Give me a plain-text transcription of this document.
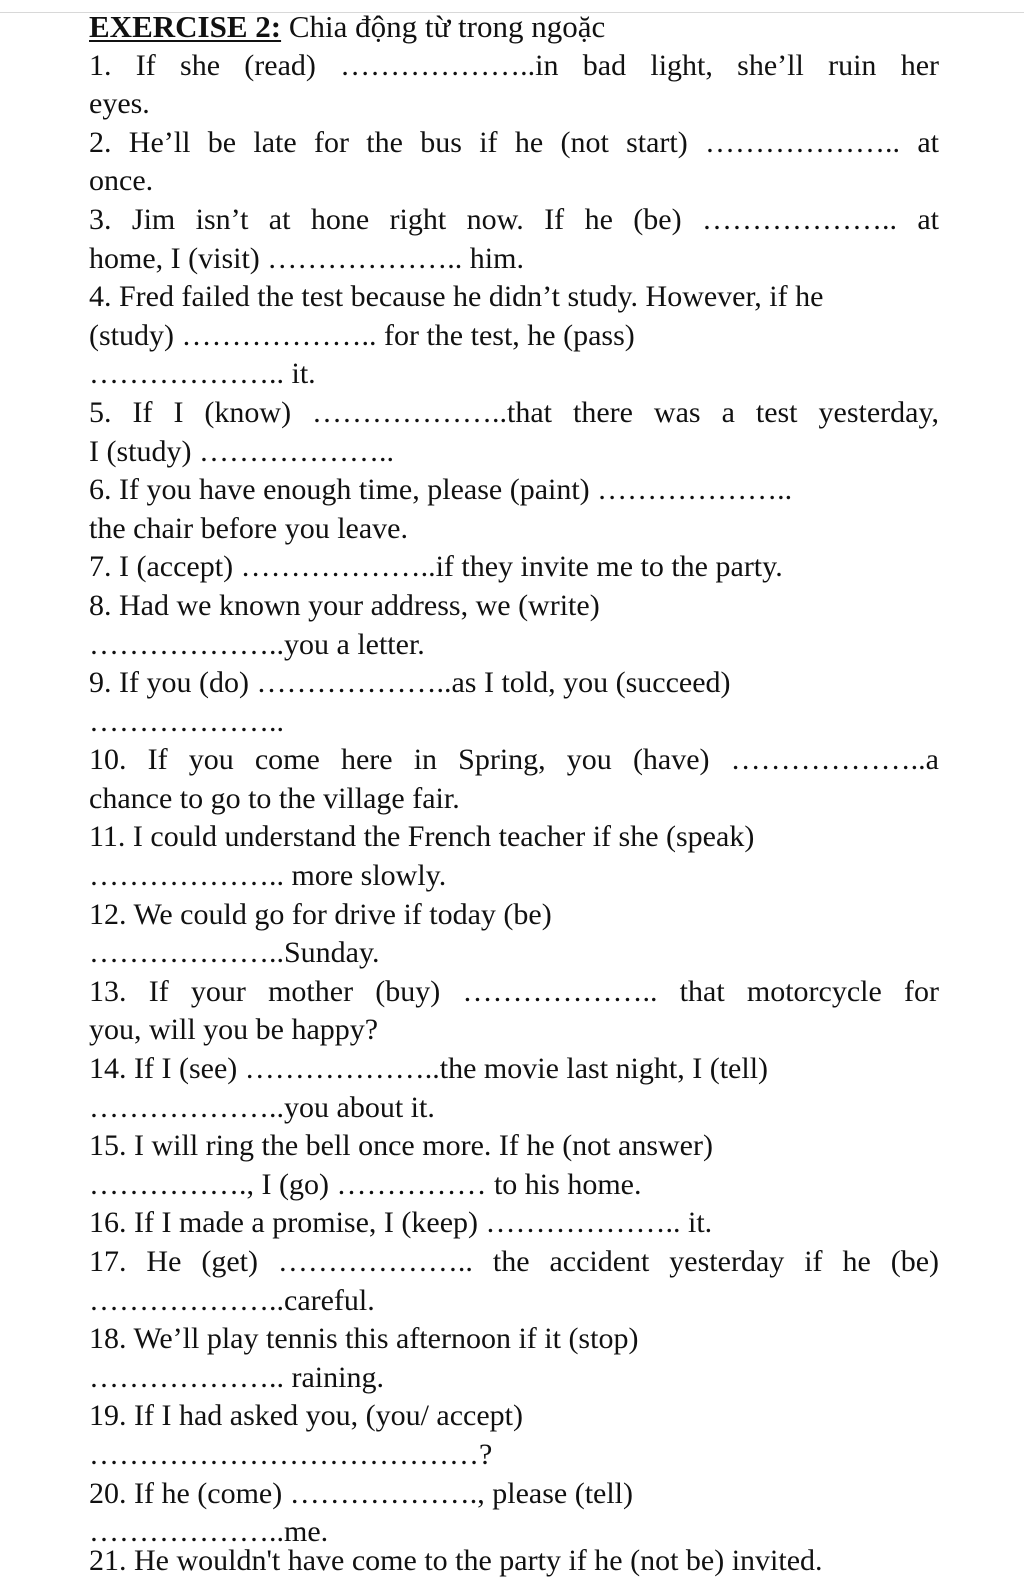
EXERCISE 2: Chia động từ trong ngoặc
1. If she (read) ………………..in bad light, she’ll ruin her
eyes.
2. He’ll be late for the bus if he (not start) ……………….. at
once.
3. Jim isn’t at hone right now. If he (be) ……………….. at
home, I (visit) ……………….. him.
4. Fred failed the test because he didn’t study. However, if he
(study) ……………….. for the test, he (pass)
……………….. it.
5. If I (know) ………………..that there was a test yesterday,
I (study) ………………..
6. If you have enough time, please (paint) ………………..
the chair before you leave.
7. I (accept) ………………..if they invite me to the party.
8. Had we known your address, we (write)
………………..you a letter.
9. If you (do) ………………..as I told, you (succeed)
………………..
10. If you come here in Spring, you (have) ………………..a
chance to go to the village fair.
11. I could understand the French teacher if she (speak)
……………….. more slowly.
12. We could go for drive if today (be)
………………..Sunday.
13. If your mother (buy) ……………….. that motorcycle for
you, will you be happy?
14. If I (see) ………………..the movie last night, I (tell)
………………..you about it.
15. I will ring the bell once more. If he (not answer)
……………., I (go) …………… to his home.
16. If I made a promise, I (keep) ……………….. it.
17. He (get) ……………….. the accident yesterday if he (be)
………………..careful.
18. We’ll play tennis this afternoon if it (stop)
……………….. raining.
19. If I had asked you, (you/ accept)
…………………………………?
20. If he (come) ………………., please (tell)
………………..me.
21. He wouldn't have come to the party if he (not be) invited.
